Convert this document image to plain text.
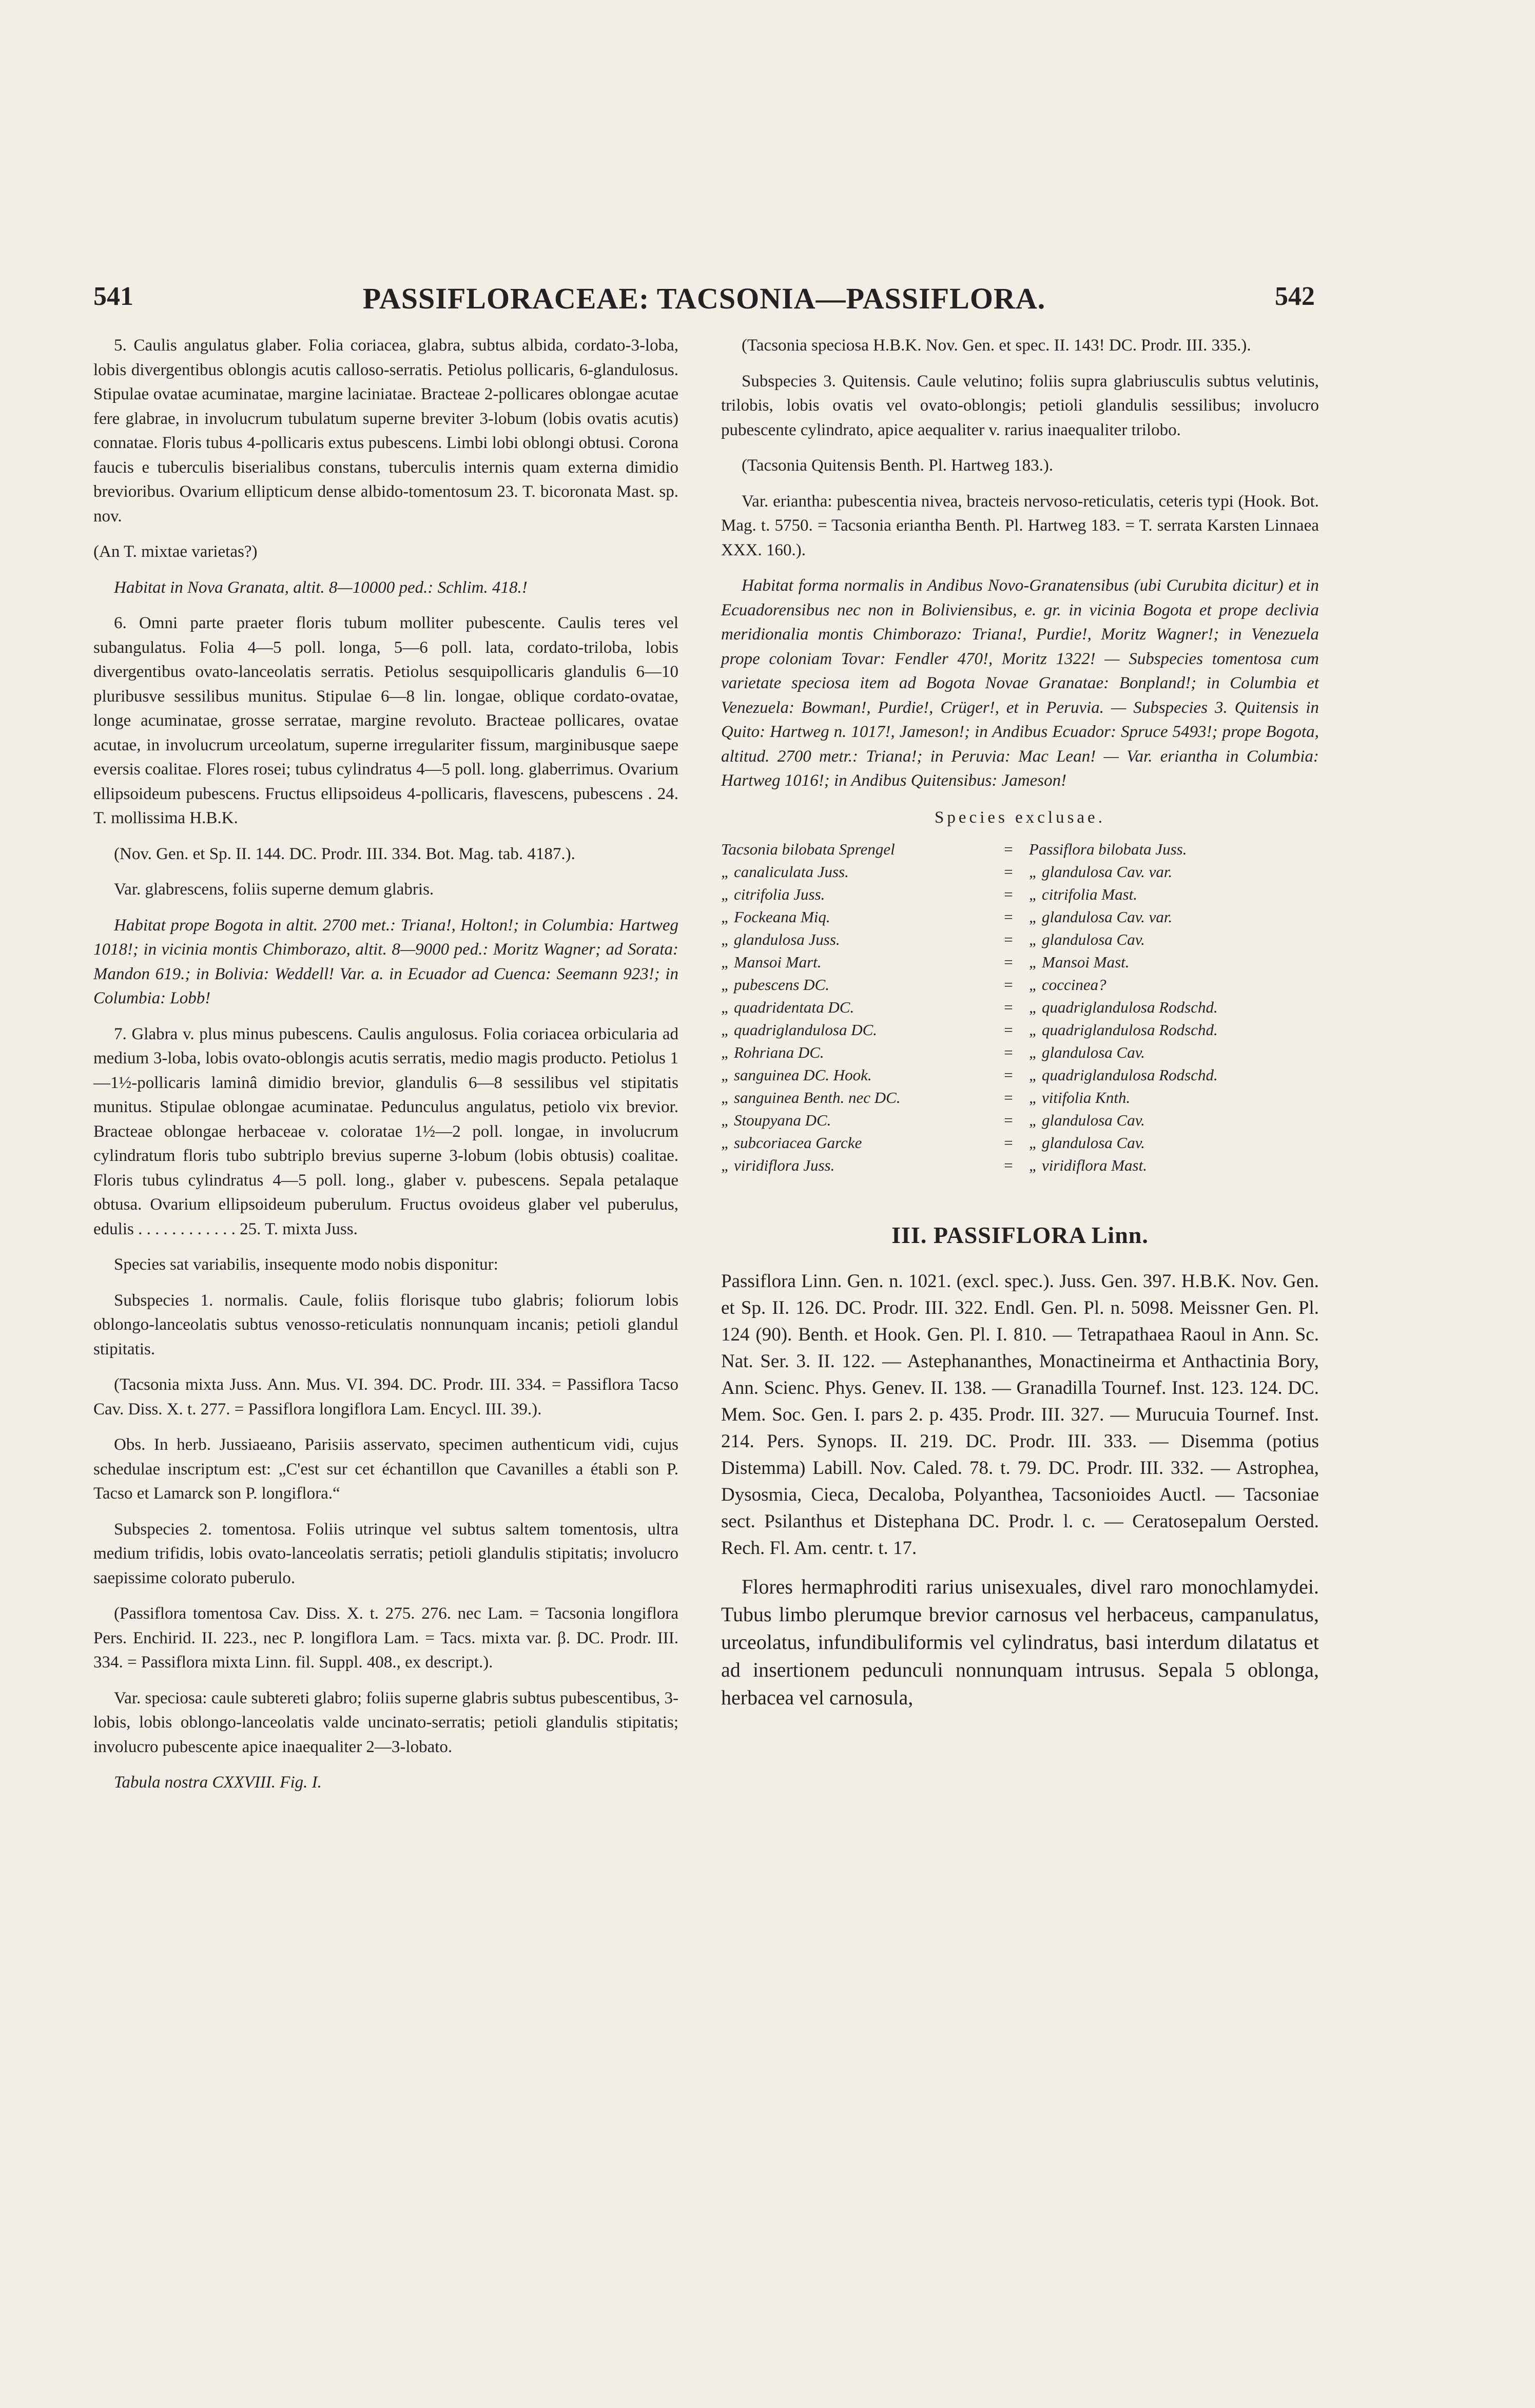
541	PASSIFLORACEAE: TACSONIA—PASSIFLORA.	542

5. Caulis angulatus glaber. Folia coriacea, glabra, subtus albida, cordato-3-loba, lobis divergentibus oblongis acutis calloso-serratis. Petiolus pollicaris, 6-glandulosus. Stipulae ovatae acuminatae, margine laciniatae. Bracteae 2-pollicares oblongae acutae fere glabrae, in involucrum tubulatum superne breviter 3-lobum (lobis ovatis acutis) connatae. Floris tubus 4-pollicaris extus pubescens. Limbi lobi oblongi obtusi. Corona faucis e tuberculis biserialibus constans, tuberculis internis quam externa dimidio brevioribus. Ovarium ellipticum dense albido-tomentosum 23. T. bicoronata Mast. sp. nov.

(An T. mixtae varietas?)

Habitat in Nova Granata, altit. 8—10000 ped.: Schlim. 418.!

6. Omni parte praeter floris tubum molliter pubescente. Caulis teres vel subangulatus. Folia 4—5 poll. longa, 5—6 poll. lata, cordato-triloba, lobis divergentibus ovato-lanceolatis serratis. Petiolus sesquipollicaris glandulis 6—10 pluribusve sessilibus munitus. Stipulae 6—8 lin. longae, oblique cordato-ovatae, longe acuminatae, grosse serratae, margine revoluto. Bracteae pollicares, ovatae acutae, in involucrum urceolatum, superne irregulariter fissum, marginibusque saepe eversis coalitae. Flores rosei; tubus cylindratus 4—5 poll. long. glaberrimus. Ovarium ellipsoideum pubescens. Fructus ellipsoideus 4-pollicaris, flavescens, pubescens . 24. T. mollissima H.B.K.

(Nov. Gen. et Sp. II. 144. DC. Prodr. III. 334. Bot. Mag. tab. 4187.).

Var. glabrescens, foliis superne demum glabris.

Habitat prope Bogota in altit. 2700 met.: Triana!, Holton!; in Columbia: Hartweg 1018!; in vicinia montis Chimborazo, altit. 8—9000 ped.: Moritz Wagner; ad Sorata: Mandon 619.; in Bolivia: Weddell! Var. a. in Ecuador ad Cuenca: Seemann 923!; in Columbia: Lobb!

7. Glabra v. plus minus pubescens. Caulis angulosus. Folia coriacea orbicularia ad medium 3-loba, lobis ovato-oblongis acutis serratis, medio magis producto. Petiolus 1—1½-pollicaris laminâ dimidio brevior, glandulis 6—8 sessilibus vel stipitatis munitus. Stipulae oblongae acuminatae. Pedunculus angulatus, petiolo vix brevior. Bracteae oblongae herbaceae v. coloratae 1½—2 poll. longae, in involucrum cylindratum floris tubo subtriplo brevius superne 3-lobum (lobis obtusis) coalitae. Floris tubus cylindratus 4—5 poll. long., glaber v. pubescens. Sepala petalaque obtusa. Ovarium ellipsoideum puberulum. Fructus ovoideus glaber vel puberulus, edulis . . . . . . . . . . . . 25. T. mixta Juss.

Species sat variabilis, insequente modo nobis disponitur:

Subspecies 1. normalis. Caule, foliis florisque tubo glabris; foliorum lobis oblongo-lanceolatis subtus venosso-reticulatis nonnunquam incanis; petioli glandul stipitatis.

(Tacsonia mixta Juss. Ann. Mus. VI. 394. DC. Prodr. III. 334. = Passiflora Tacso Cav. Diss. X. t. 277. = Passiflora longiflora Lam. Encycl. III. 39.).

Obs. In herb. Jussiaeano, Parisiis asservato, specimen authenticum vidi, cujus schedulae inscriptum est: „C'est sur cet échantillon que Cavanilles a établi son P. Tacso et Lamarck son P. longiflora.“

Subspecies 2. tomentosa. Foliis utrinque vel subtus saltem tomentosis, ultra medium trifidis, lobis ovato-lanceolatis serratis; petioli glandulis stipitatis; involucro saepissime colorato puberulo.

(Passiflora tomentosa Cav. Diss. X. t. 275. 276. nec Lam. = Tacsonia longiflora Pers. Enchirid. II. 223., nec P. longiflora Lam. = Tacs. mixta var. β. DC. Prodr. III. 334. = Passiflora mixta Linn. fil. Suppl. 408., ex descript.).

Var. speciosa: caule subtereti glabro; foliis superne glabris subtus pubescentibus, 3-lobis, lobis oblongo-lanceolatis valde uncinato-serratis; petioli glandulis stipitatis; involucro pubescente apice inaequaliter 2—3-lobato.

Tabula nostra CXXVIII. Fig. I.

(Tacsonia speciosa H.B.K. Nov. Gen. et spec. II. 143! DC. Prodr. III. 335.).

Subspecies 3. Quitensis. Caule velutino; foliis supra glabriusculis subtus velutinis, trilobis, lobis ovatis vel ovato-oblongis; petioli glandulis sessilibus; involucro pubescente cylindrato, apice aequaliter v. rarius inaequaliter trilobo.

(Tacsonia Quitensis Benth. Pl. Hartweg 183.).

Var. eriantha: pubescentia nivea, bracteis nervoso-reticulatis, ceteris typi (Hook. Bot. Mag. t. 5750. = Tacsonia eriantha Benth. Pl. Hartweg 183. = T. serrata Karsten Linnaea XXX. 160.).

Habitat forma normalis in Andibus Novo-Granatensibus (ubi Curubita dicitur) et in Ecuadorensibus nec non in Boliviensibus, e. gr. in vicinia Bogota et prope declivia meridionalia montis Chimborazo: Triana!, Purdie!, Moritz Wagner!; in Venezuela prope coloniam Tovar: Fendler 470!, Moritz 1322! — Subspecies tomentosa cum varietate speciosa item ad Bogota Novae Granatae: Bonpland!; in Columbia et Venezuela: Bowman!, Purdie!, Crüger!, et in Peruvia. — Subspecies 3. Quitensis in Quito: Hartweg n. 1017!, Jameson!; in Andibus Ecuador: Spruce 5493!; prope Bogota, altitud. 2700 metr.: Triana!; in Peruvia: Mac Lean! — Var. eriantha in Columbia: Hartweg 1016!; in Andibus Quitensibus: Jameson!

Species exclusae.
Tacsonia bilobata Sprengel	=	Passiflora bilobata Juss.
„ canaliculata Juss.	=	„ glandulosa Cav. var.
„ citrifolia Juss.	=	„ citrifolia Mast.
„ Fockeana Miq.	=	„ glandulosa Cav. var.
„ glandulosa Juss.	=	„ glandulosa Cav.
„ Mansoi Mart.	=	„ Mansoi Mast.
„ pubescens DC.	=	„ coccinea?
„ quadridentata DC.	=	„ quadriglandulosa Rodschd.
„ quadriglandulosa DC.	=	„ quadriglandulosa Rodschd.
„ Rohriana DC.	=	„ glandulosa Cav.
„ sanguinea DC. Hook.	=	„ quadriglandulosa Rodschd.
„ sanguinea Benth. nec DC.	=	„ vitifolia Knth.
„ Stoupyana DC.	=	„ glandulosa Cav.
„ subcoriacea Garcke	=	„ glandulosa Cav.
„ viridiflora Juss.	=	„ viridiflora Mast.
III. PASSIFLORA Linn.

Passiflora Linn. Gen. n. 1021. (excl. spec.). Juss. Gen. 397. H.B.K. Nov. Gen. et Sp. II. 126. DC. Prodr. III. 322. Endl. Gen. Pl. n. 5098. Meissner Gen. Pl. 124 (90). Benth. et Hook. Gen. Pl. I. 810. — Tetrapathaea Raoul in Ann. Sc. Nat. Ser. 3. II. 122. — Astephananthes, Monactineirma et Anthactinia Bory, Ann. Scienc. Phys. Genev. II. 138. — Granadilla Tournef. Inst. 123. 124. DC. Mem. Soc. Gen. I. pars 2. p. 435. Prodr. III. 327. — Murucuia Tournef. Inst. 214. Pers. Synops. II. 219. DC. Prodr. III. 333. — Disemma (potius Distemma) Labill. Nov. Caled. 78. t. 79. DC. Prodr. III. 332. — Astrophea, Dysosmia, Cieca, Decaloba, Polyanthea, Tacsonioides Auctl. — Tacsoniae sect. Psilanthus et Distephana DC. Prodr. l. c. — Ceratosepalum Oersted. Rech. Fl. Am. centr. t. 17.

Flores hermaphroditi rarius unisexuales, divel raro monochlamydei. Tubus limbo plerumque brevior carnosus vel herbaceus, campanulatus, urceolatus, infundibuliformis vel cylindratus, basi interdum dilatatus et ad insertionem pedunculi nonnunquam intrusus. Sepala 5 oblonga, herbacea vel carnosula,
